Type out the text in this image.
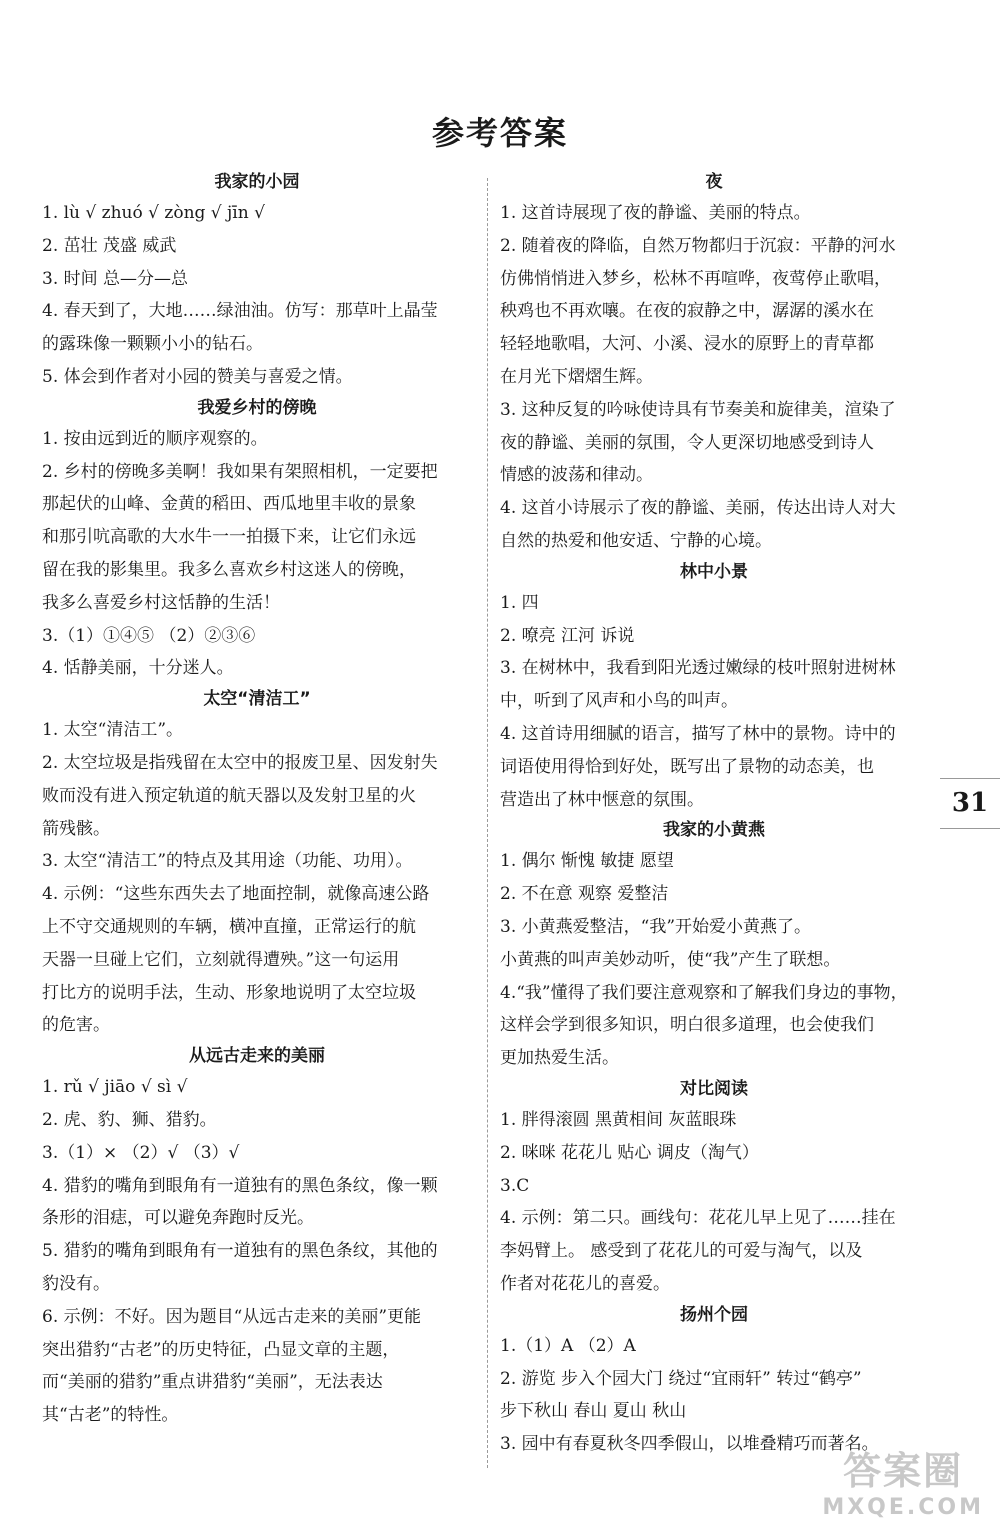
参考答案
我家的小园
1. lù √ zhuó √ zòng √ jīn √
2. 茁壮 茂盛 威武
3. 时间 总—分—总
4. 春天到了，大地……绿油油。仿写：那草叶上晶莹
的露珠像一颗颗小小的钻石。
5. 体会到作者对小园的赞美与喜爱之情。
我爱乡村的傍晚
1. 按由远到近的顺序观察的。
2. 乡村的傍晚多美啊！我如果有架照相机，一定要把
那起伏的山峰、金黄的稻田、西瓜地里丰收的景象
和那引吭高歌的大水牛一一拍摄下来，让它们永远
留在我的影集里。我多么喜欢乡村这迷人的傍晚，
我多么喜爱乡村这恬静的生活！
3.（1）①④⑤ （2）②③⑥
4. 恬静美丽，十分迷人。
太空“清洁工”
1. 太空“清洁工”。
2. 太空垃圾是指残留在太空中的报废卫星、因发射失
败而没有进入预定轨道的航天器以及发射卫星的火
箭残骸。
3. 太空“清洁工”的特点及其用途（功能、功用）。
4. 示例：“这些东西失去了地面控制，就像高速公路
上不守交通规则的车辆，横冲直撞，正常运行的航
天器一旦碰上它们，立刻就得遭殃。”这一句运用
打比方的说明手法，生动、形象地说明了太空垃圾
的危害。
从远古走来的美丽
1. rǔ √ jiāo √ sì √
2. 虎、豹、狮、猎豹。
3.（1）× （2）√ （3）√
4. 猎豹的嘴角到眼角有一道独有的黑色条纹，像一颗
条形的泪痣，可以避免奔跑时反光。
5. 猎豹的嘴角到眼角有一道独有的黑色条纹，其他的
豹没有。
6. 示例：不好。因为题目“从远古走来的美丽”更能
突出猎豹“古老”的历史特征，凸显文章的主题，
而“美丽的猎豹”重点讲猎豹“美丽”，无法表达
其“古老”的特性。
夜
1. 这首诗展现了夜的静谧、美丽的特点。
2. 随着夜的降临，自然万物都归于沉寂：平静的河水
仿佛悄悄进入梦乡，松林不再喧哗，夜莺停止歌唱，
秧鸡也不再欢嚷。在夜的寂静之中，潺潺的溪水在
轻轻地歌唱，大河、小溪、浸水的原野上的青草都
在月光下熠熠生辉。
3. 这种反复的吟咏使诗具有节奏美和旋律美，渲染了
夜的静谧、美丽的氛围，令人更深切地感受到诗人
情感的波荡和律动。
4. 这首小诗展示了夜的静谧、美丽，传达出诗人对大
自然的热爱和他安适、宁静的心境。
林中小景
1. 四
2. 嘹亮 江河 诉说
3. 在树林中，我看到阳光透过嫩绿的枝叶照射进树林
中，听到了风声和小鸟的叫声。
4. 这首诗用细腻的语言，描写了林中的景物。诗中的
词语使用得恰到好处，既写出了景物的动态美，也
营造出了林中惬意的氛围。
我家的小黄燕
1. 偶尔 惭愧 敏捷 愿望
2. 不在意 观察 爱整洁
3. 小黄燕爱整洁，“我”开始爱小黄燕了。
小黄燕的叫声美妙动听，使“我”产生了联想。
4.“我”懂得了我们要注意观察和了解我们身边的事物，
这样会学到很多知识，明白很多道理，也会使我们
更加热爱生活。
对比阅读
1. 胖得滚圆 黑黄相间 灰蓝眼珠
2. 咪咪 花花儿 贴心 调皮（淘气）
3.C
4. 示例：第二只。画线句：花花儿早上见了……挂在
李妈臂上。 感受到了花花儿的可爱与淘气，以及
作者对花花儿的喜爱。
扬州个园
1.（1）A （2）A
2. 游览 步入个园大门 绕过“宜雨轩” 转过“鹤亭”
步下秋山 春山 夏山 秋山
3. 园中有春夏秋冬四季假山，以堆叠精巧而著名。
31
答案圈
MXQE.COM
